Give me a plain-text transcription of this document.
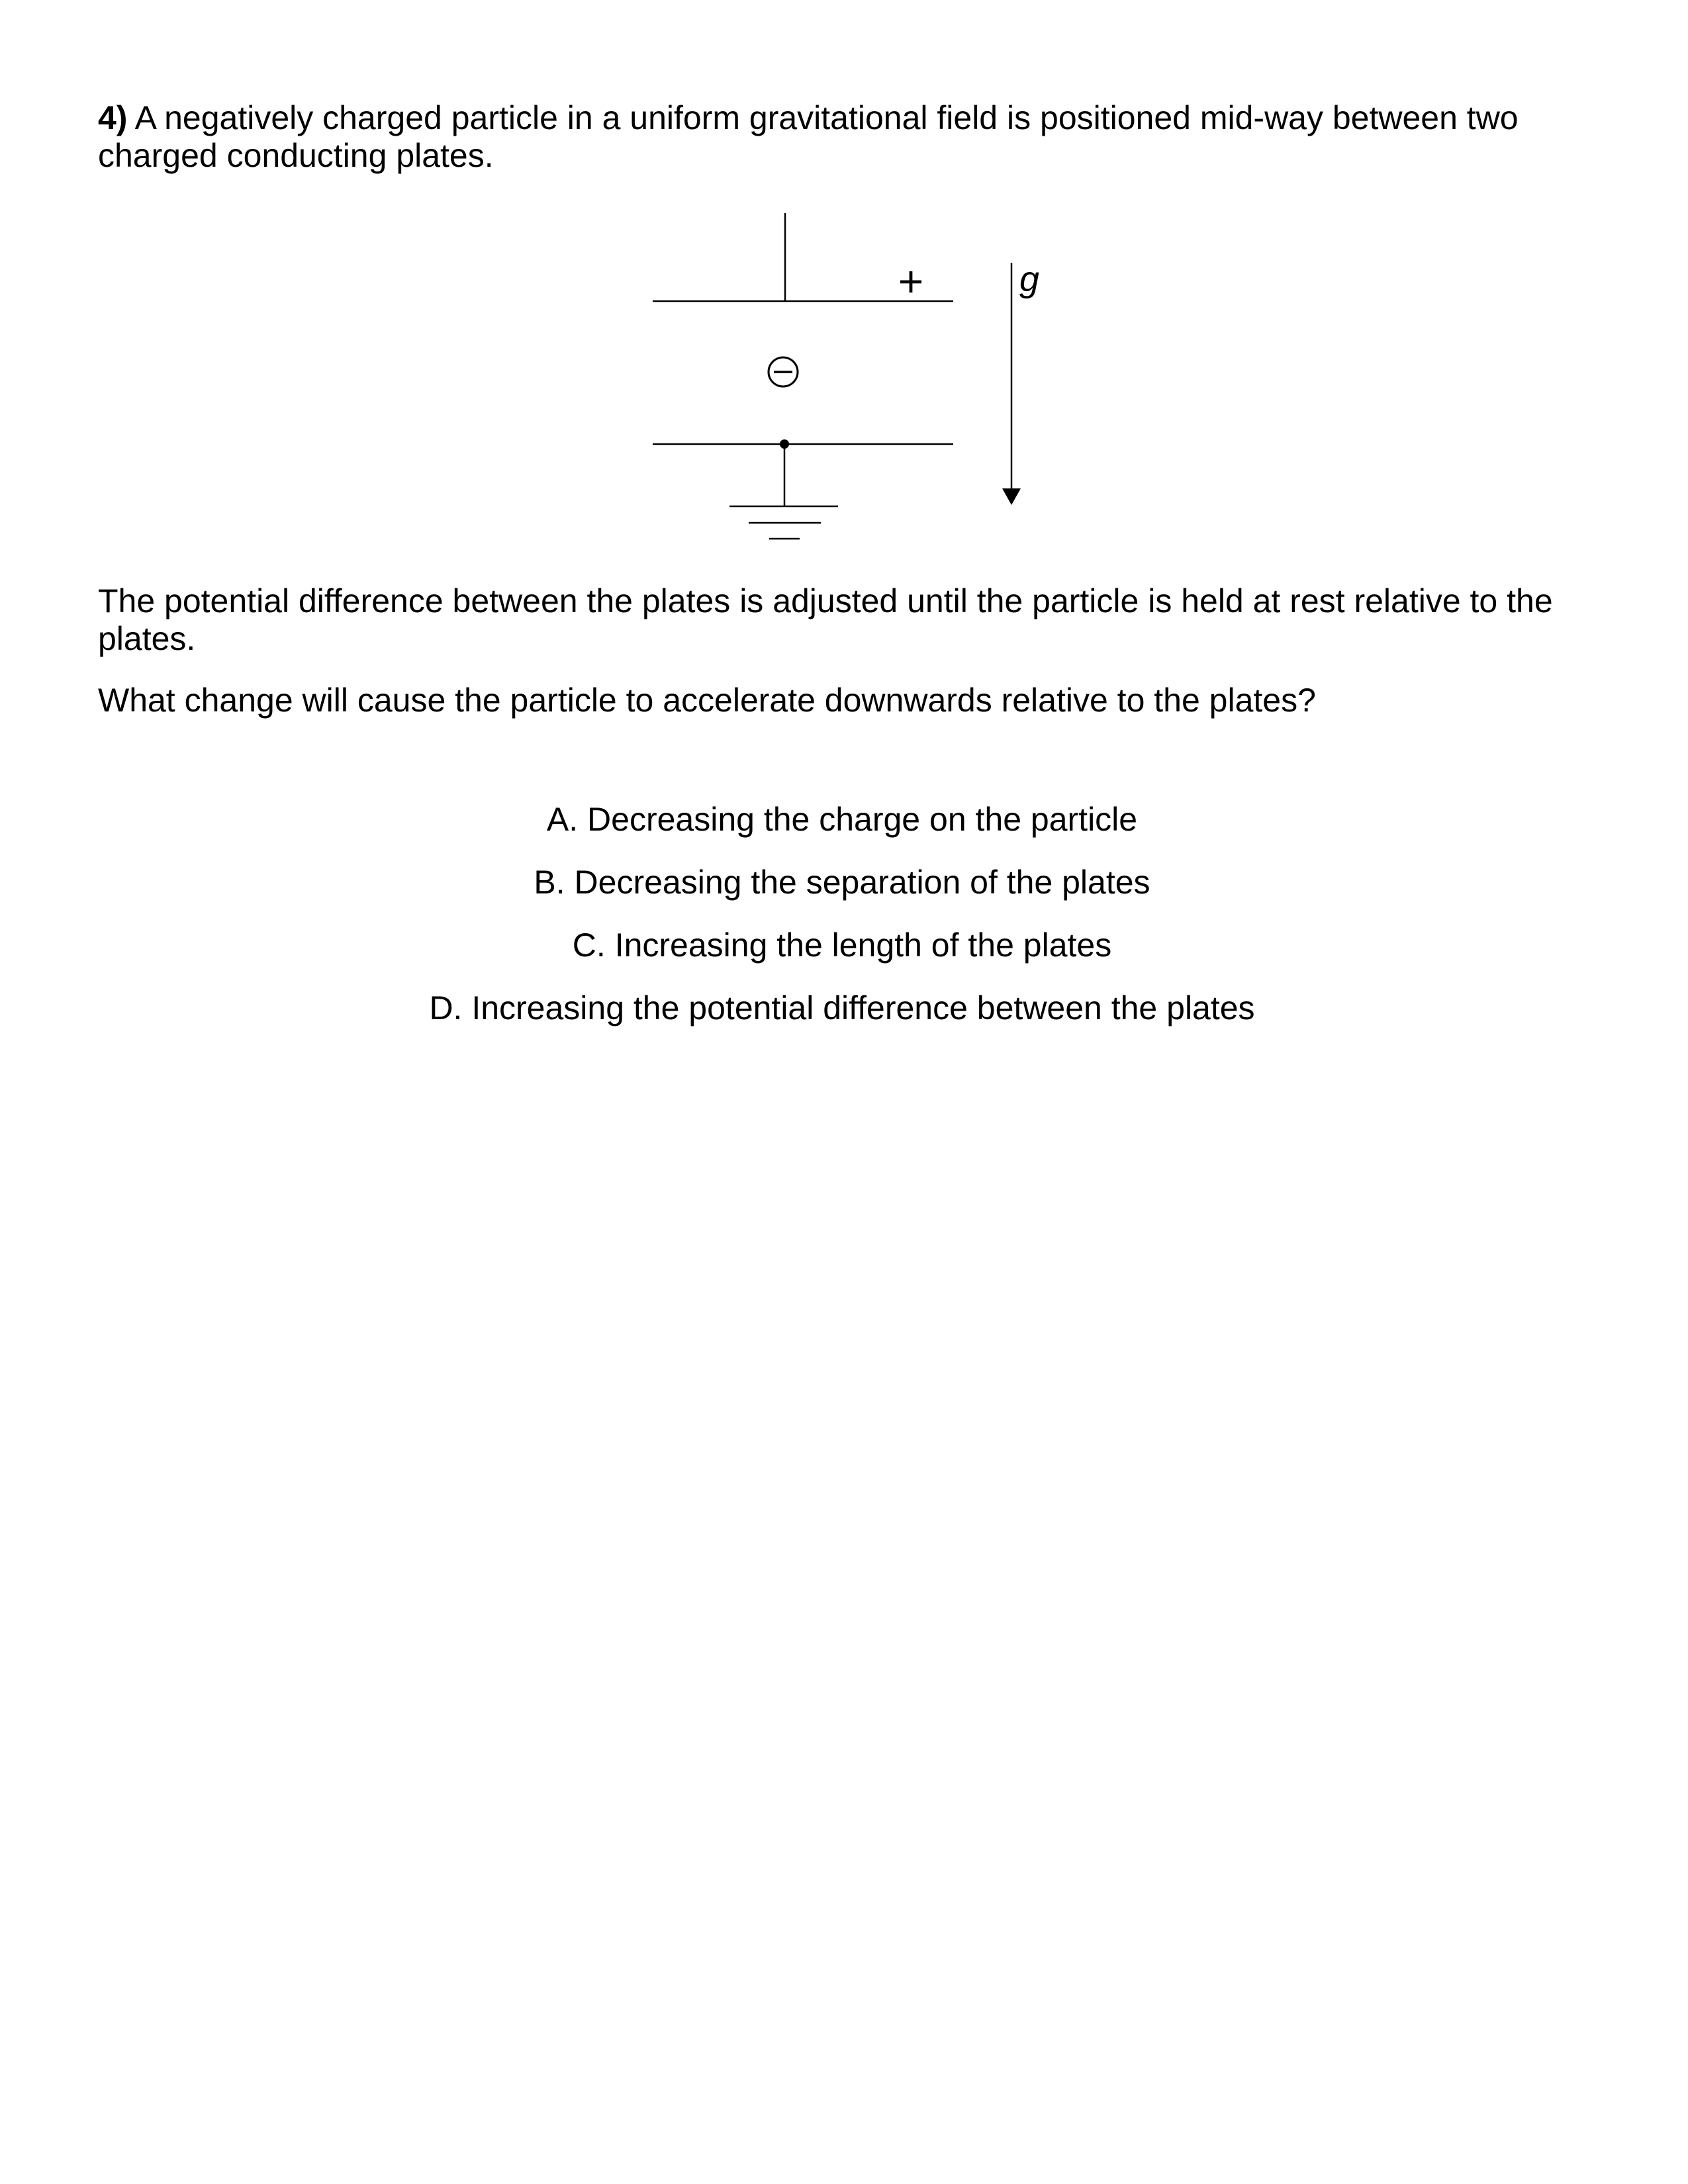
4) A negatively charged particle in a uniform gravitational field is positioned mid-way between two charged conducting plates.

+	g

The potential difference between the plates is adjusted until the particle is held at rest relative to the plates.

What change will cause the particle to accelerate downwards relative to the plates?

A. Decreasing the charge on the particle
B. Decreasing the separation of the plates
C. Increasing the length of the plates
D. Increasing the potential difference between the plates
